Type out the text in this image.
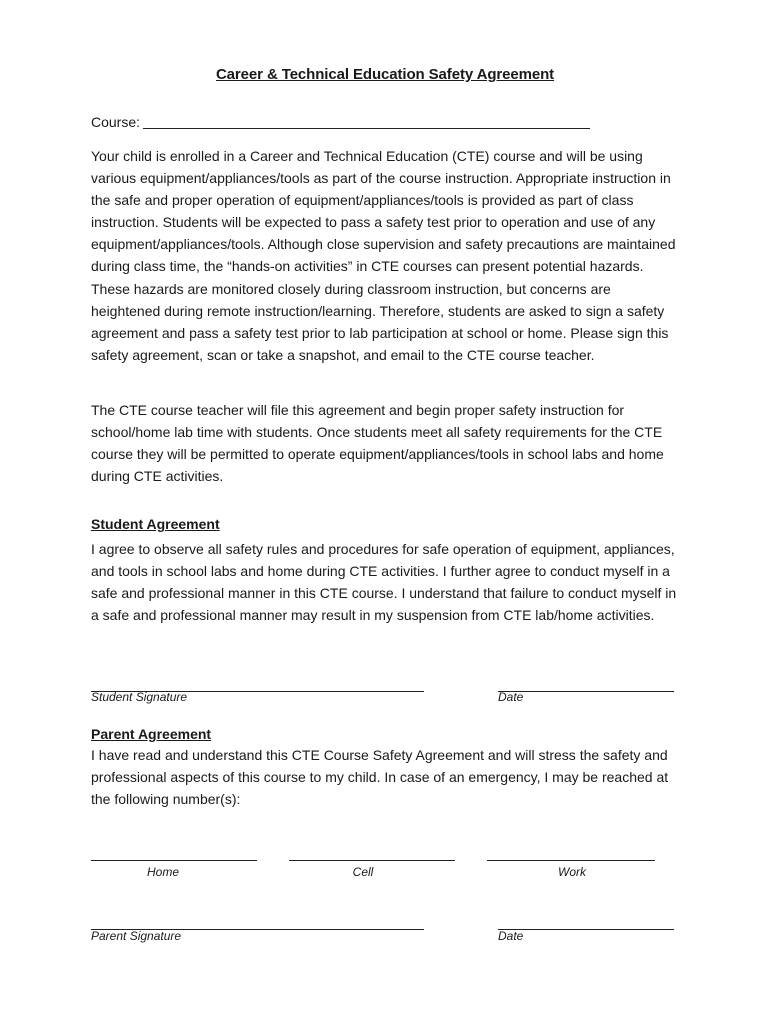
Career & Technical Education Safety Agreement
Course:

Your child is enrolled in a Career and Technical Education (CTE) course and will be using various equipment/appliances/tools as part of the course instruction. Appropriate instruction in the safe and proper operation of equipment/appliances/tools is provided as part of class instruction. Students will be expected to pass a safety test prior to operation and use of any equipment/appliances/tools. Although close supervision and safety precautions are maintained during class time, the “hands-on activities” in CTE courses can present potential hazards. These hazards are monitored closely during classroom instruction, but concerns are heightened during remote instruction/learning. Therefore, students are asked to sign a safety agreement and pass a safety test prior to lab participation at school or home. Please sign this safety agreement, scan or take a snapshot, and email to the CTE course teacher.

The CTE course teacher will file this agreement and begin proper safety instruction for school/home lab time with students. Once students meet all safety requirements for the CTE course they will be permitted to operate equipment/appliances/tools in school labs and home during CTE activities.

Student Agreement

I agree to observe all safety rules and procedures for safe operation of equipment, appliances, and tools in school labs and home during CTE activities. I further agree to conduct myself in a safe and professional manner in this CTE course. I understand that failure to conduct myself in a safe and professional manner may result in my suspension from CTE lab/home activities.

Student Signature	Date
Parent Agreement

I have read and understand this CTE Course Safety Agreement and will stress the safety and professional aspects of this course to my child. In case of an emergency, I may be reached at the following number(s):

Home	Cell	Work
Parent Signature	Date
